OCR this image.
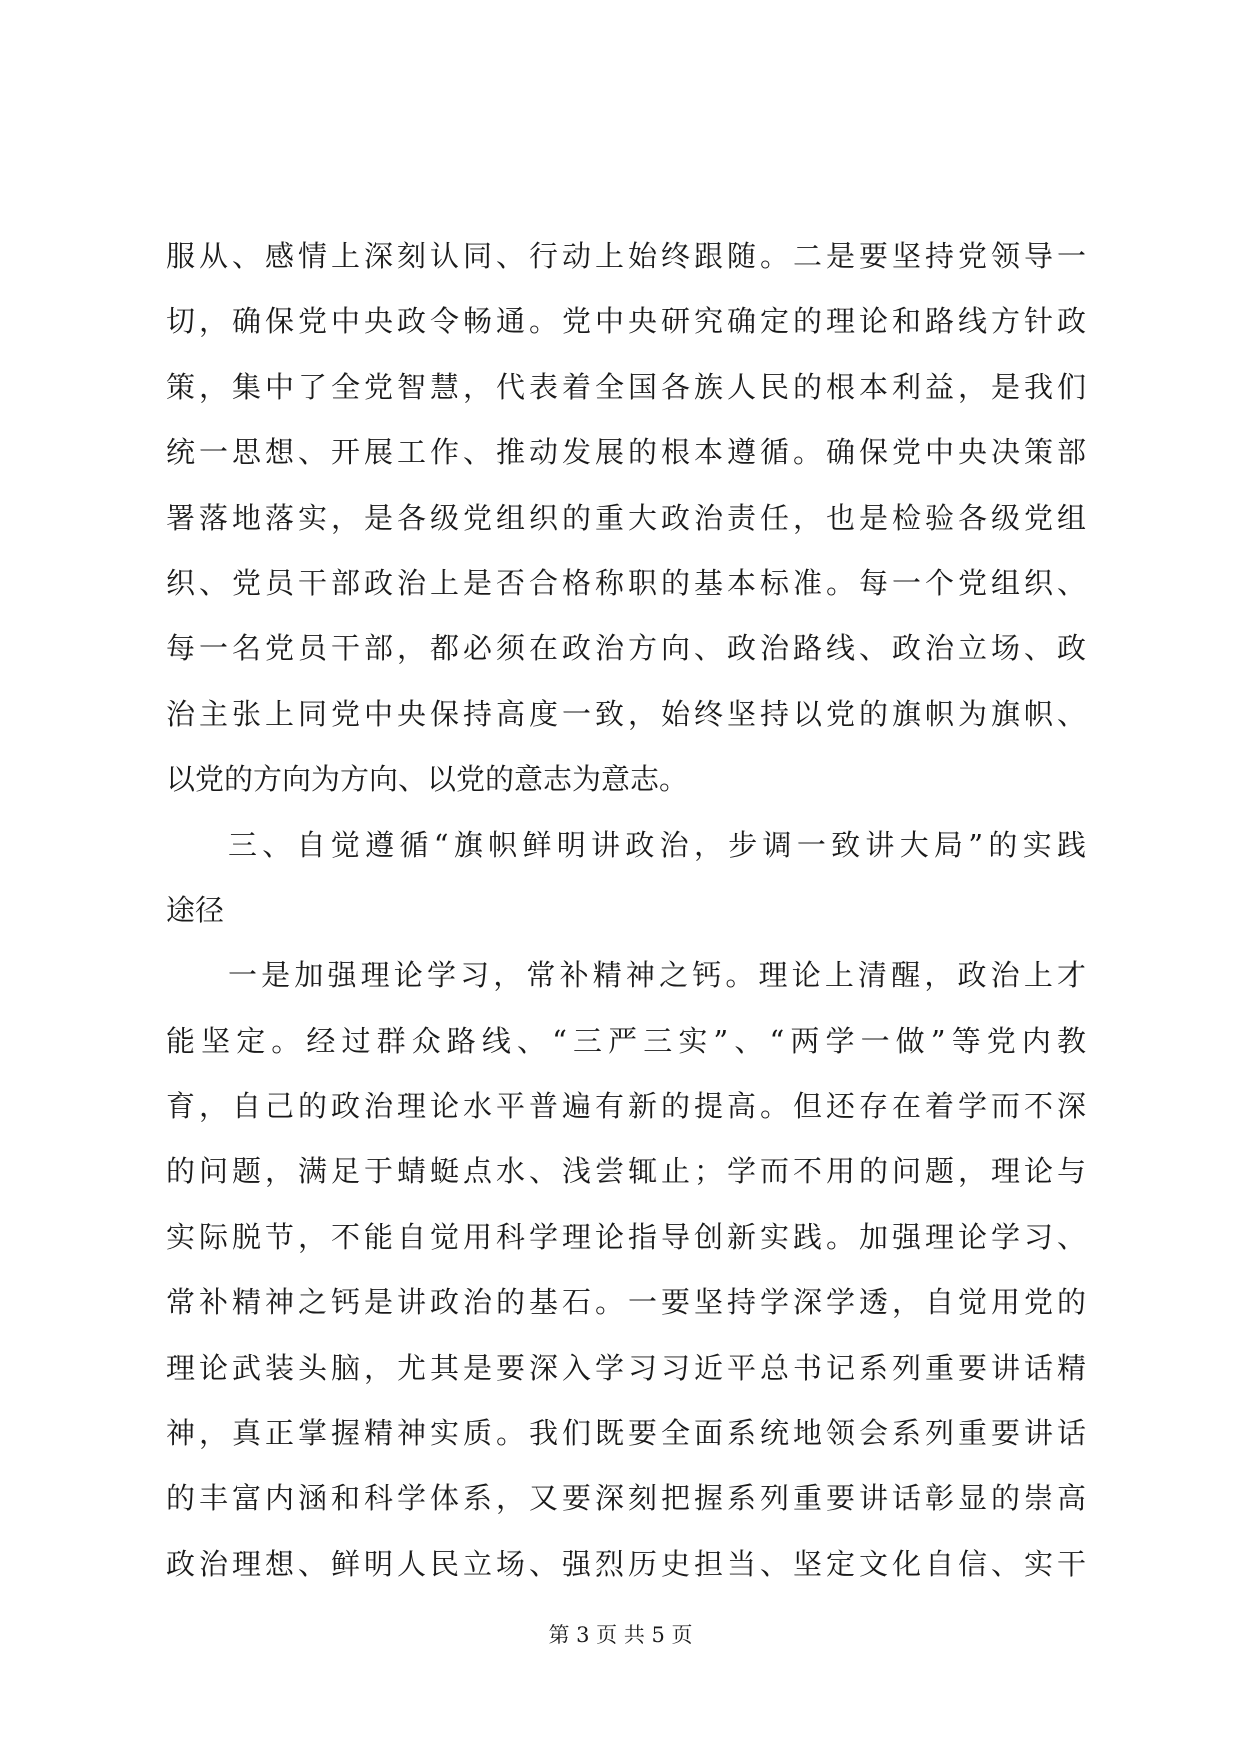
服从、感情上深刻认同、行动上始终跟随。二是要坚持党领导一
切，确保党中央政令畅通。党中央研究确定的理论和路线方针政
策，集中了全党智慧，代表着全国各族人民的根本利益，是我们
统一思想、开展工作、推动发展的根本遵循。确保党中央决策部
署落地落实，是各级党组织的重大政治责任，也是检验各级党组
织、党员干部政治上是否合格称职的基本标准。每一个党组织、
每一名党员干部，都必须在政治方向、政治路线、政治立场、政
治主张上同党中央保持高度一致，始终坚持以党的旗帜为旗帜、
以党的方向为方向、以党的意志为意志。
三、自觉遵循“旗帜鲜明讲政治，步调一致讲大局”的实践
途径
一是加强理论学习，常补精神之钙。理论上清醒，政治上才
能坚定。经过群众路线、“三严三实”、“两学一做”等党内教
育，自己的政治理论水平普遍有新的提高。但还存在着学而不深
的问题，满足于蜻蜓点水、浅尝辄止；学而不用的问题，理论与
实际脱节，不能自觉用科学理论指导创新实践。加强理论学习、
常补精神之钙是讲政治的基石。一要坚持学深学透，自觉用党的
理论武装头脑，尤其是要深入学习习近平总书记系列重要讲话精
神，真正掌握精神实质。我们既要全面系统地领会系列重要讲话
的丰富内涵和科学体系，又要深刻把握系列重要讲话彰显的崇高
政治理想、鲜明人民立场、强烈历史担当、坚定文化自信、实干
第 3 页 共 5 页
